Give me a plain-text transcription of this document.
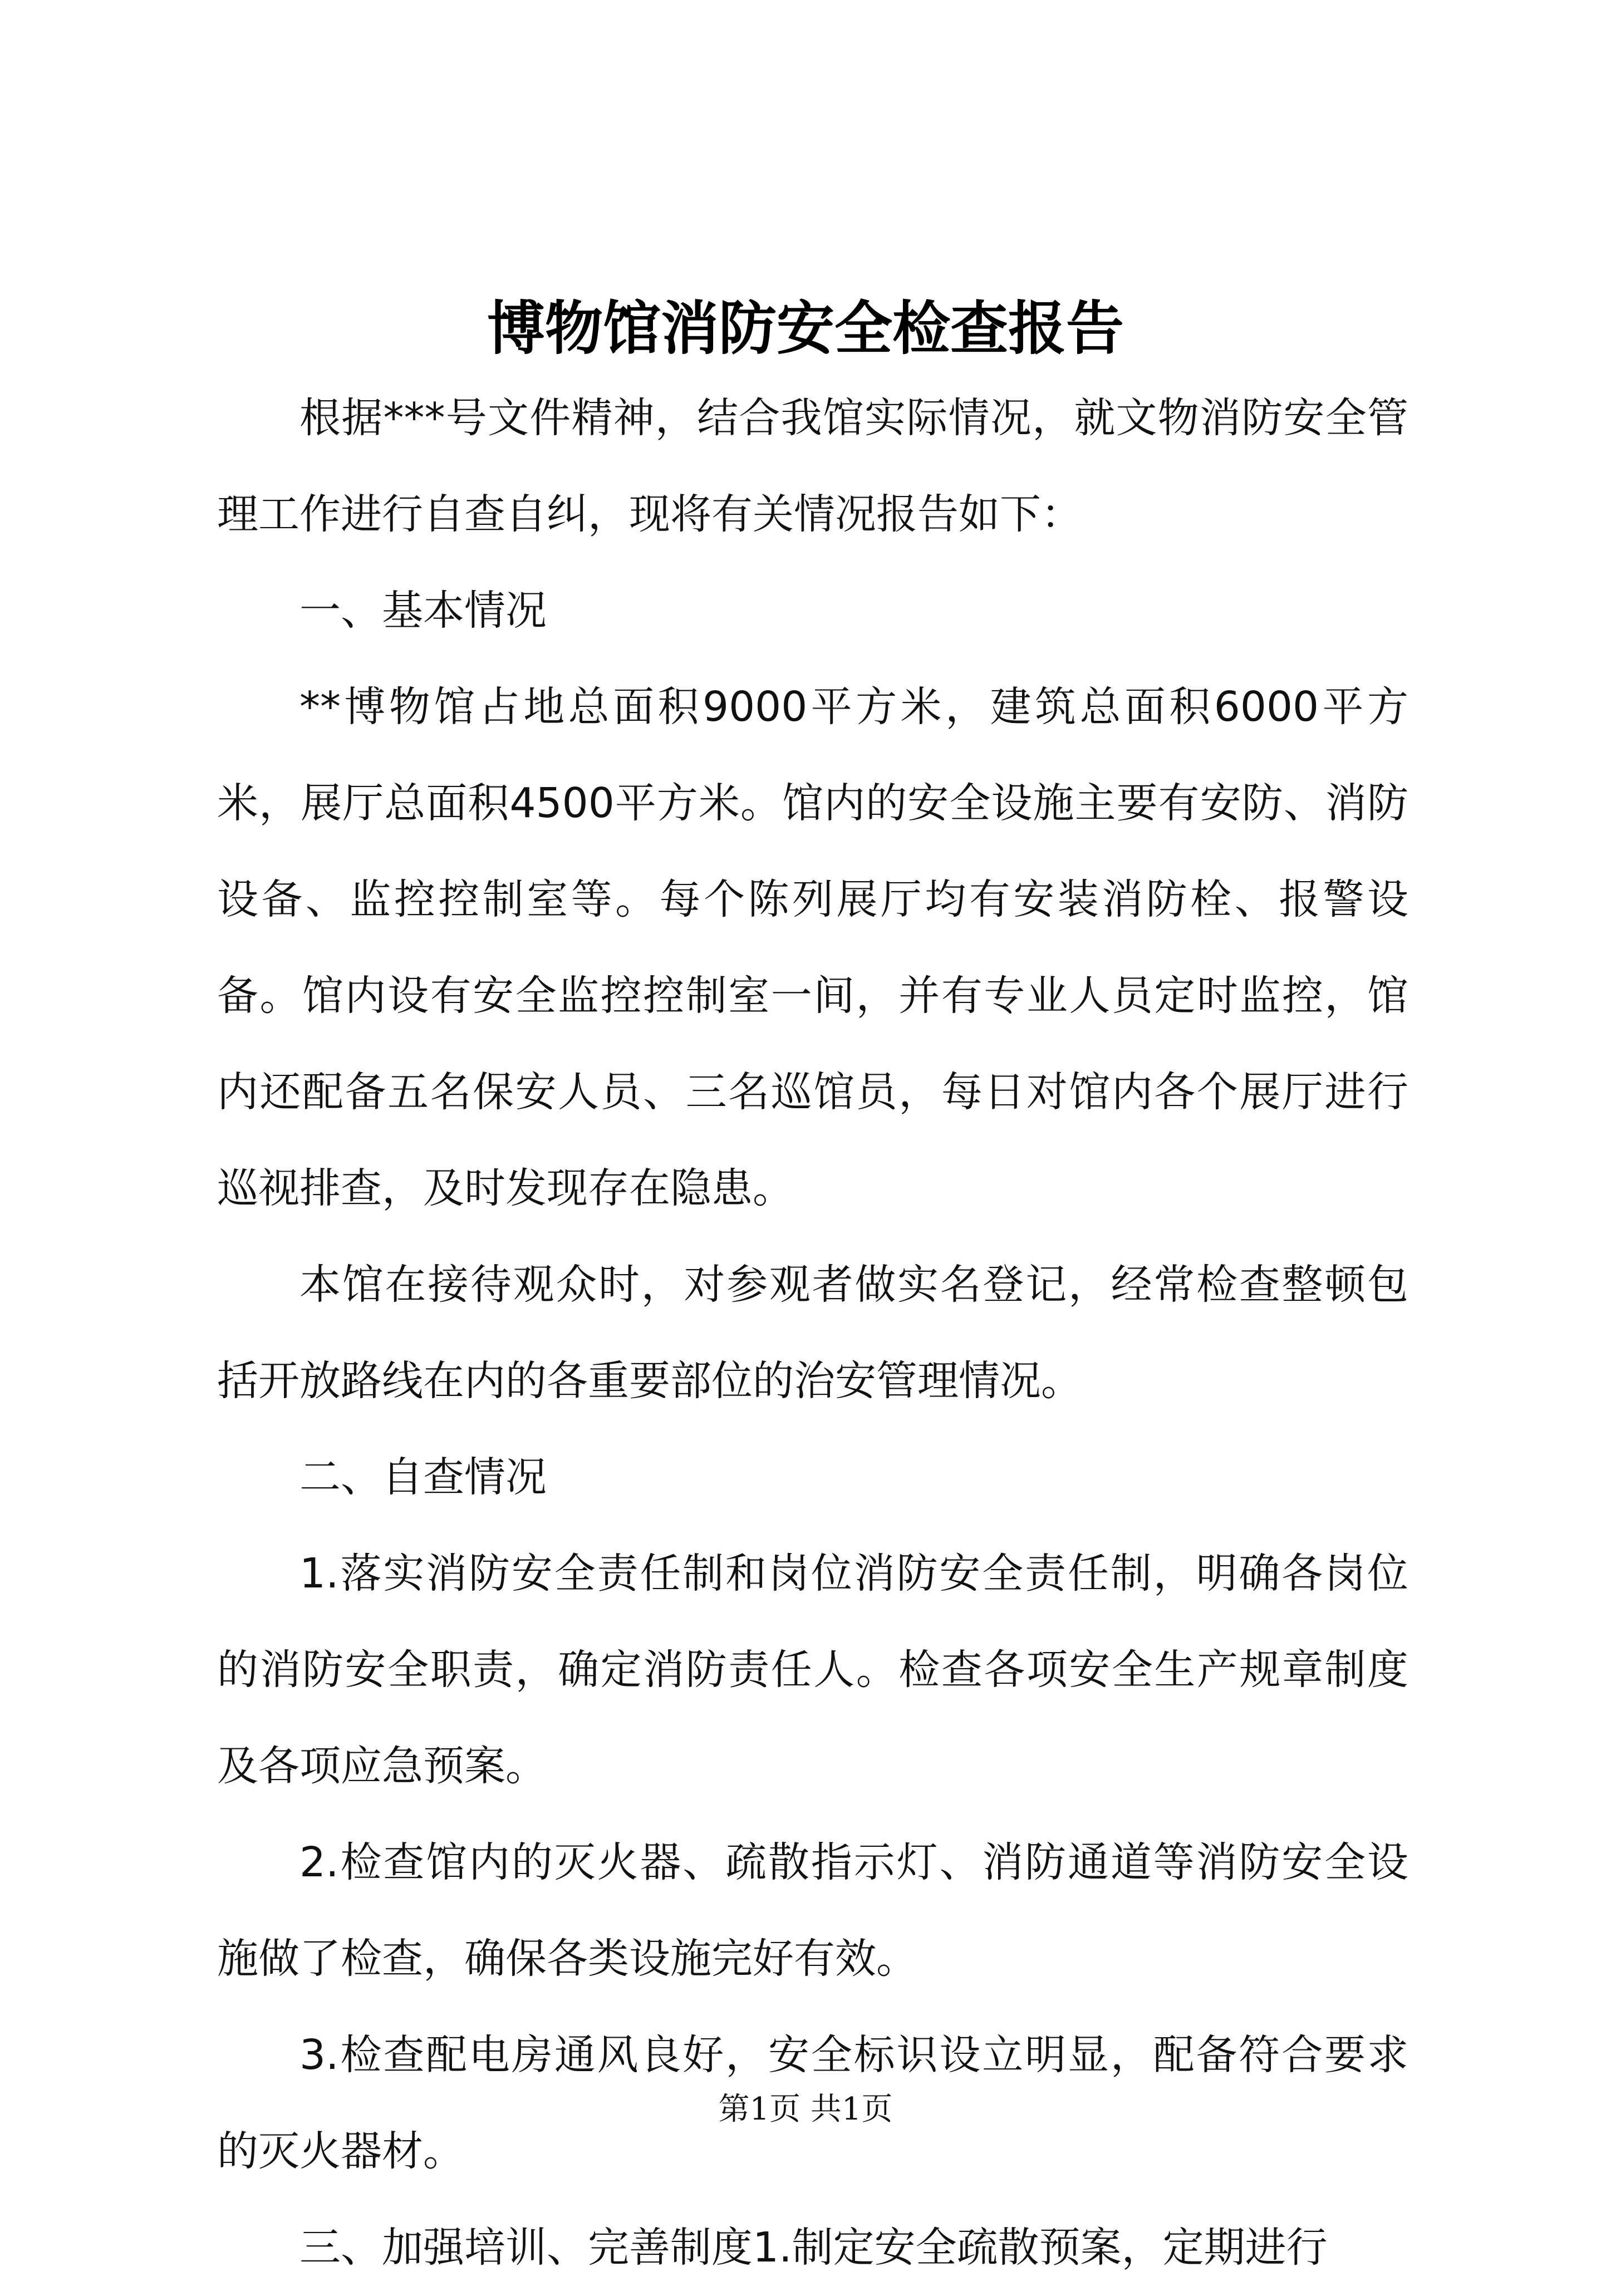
博物馆消防安全检查报告

根据***号文件精神，结合我馆实际情况，就文物消防安全管理工作进行自查自纠，现将有关情况报告如下：

一、基本情况

**博物馆占地总面积9000平方米，建筑总面积6000平方米，展厅总面积4500平方米。馆内的安全设施主要有安防、消防设备、监控控制室等。每个陈列展厅均有安装消防栓、报警设备。馆内设有安全监控控制室一间，并有专业人员定时监控，馆内还配备五名保安人员、三名巡馆员，每日对馆内各个展厅进行巡视排查，及时发现存在隐患。

本馆在接待观众时，对参观者做实名登记，经常检查整顿包括开放路线在内的各重要部位的治安管理情况。

二、自查情况

1.落实消防安全责任制和岗位消防安全责任制，明确各岗位的消防安全职责，确定消防责任人。检查各项安全生产规章制度及各项应急预案。

2.检查馆内的灭火器、疏散指示灯、消防通道等消防安全设施做了检查，确保各类设施完好有效。

3.检查配电房通风良好，安全标识设立明显，配备符合要求的灭火器材。

三、加强培训、完善制度1.制定安全疏散预案，定期进行

第1页 共1页
